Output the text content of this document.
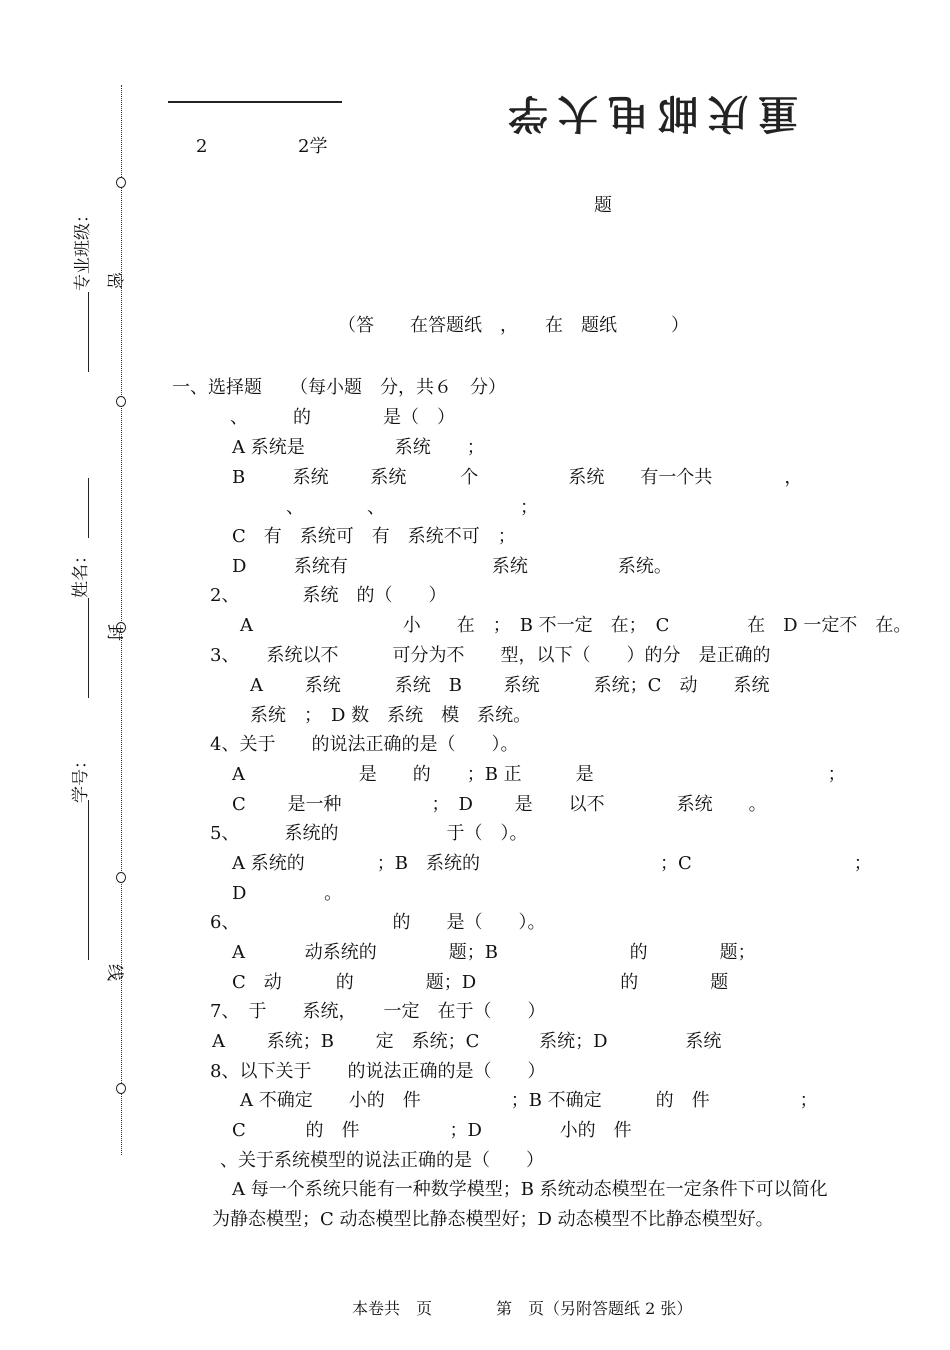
密
封
线
专业班级：
姓名：
学号：
2	2学
重庆邮电大学
题
（答　　在答题纸　，　　在　题纸　　　）
一、选择题 （每小题　分，共６　分）
、　　　的　　　　是（　）
A 系统是　　　　　系统　　；
B 　　 系统　　 系统　　　个　　　　　系统　　有一个共　　　　，
、　　　　、　　　　　　　　；
C　有　系统可　有　系统不可　；
D 　　 系统有　　　　　　　　系统　　　　　系统。
2、　　　　系统　的（　　）
A 　　　　　　　　小　　在　；　B 不一定　在；　C 　　　　在　D 一定不　在。
3、　　系统以不　　　可分为不　　型，以下（　　）的分　是正确的
A 　　系统　　　系统　B 　　系统　　　系统；C　动　　系统
系统　；　D 数　系统　模　系统。
4、关于　　的说法正确的是（　　）。
A 　　　　　　是　　的　　；B 正　　　是　　　　　　　　　　　　　；
C 　　是一种　　　　　；　D 　　是　　以不　　　　系统　　。
5、　　　系统的　　　　　　于（　）。
A 系统的　　　　；B　系统的　　　　　　　　　　；C　　　　　　　　　；
D 　　　　。
6、　　　　　　　　　的　　是（　　）。
A 　　　动系统的　　　　题；B 　　　　　　　的　　　　题；
C　动　　　的　　　　题；D　　　　　　　　的　　　　题
7、　于　　系统，　　一定　在于（　　）
A 　　系统；B 　　定　系统；C 　　　系统；D 　　　　系统
8、以下关于　　的说法正确的是（　　）
A 不确定　　小的　件　　　　　；B 不确定　　　的　件　　　　　；
C 　　　的　件　　　　　；D 　　　　小的　件
、关于系统模型的说法正确的是（　　）
A 每一个系统只能有一种数学模型；B 系统动态模型在一定条件下可以简化
为静态模型；C 动态模型比静态模型好；D 动态模型不比静态模型好。
本卷共　页　　　　第　页（另附答题纸 2 张）
